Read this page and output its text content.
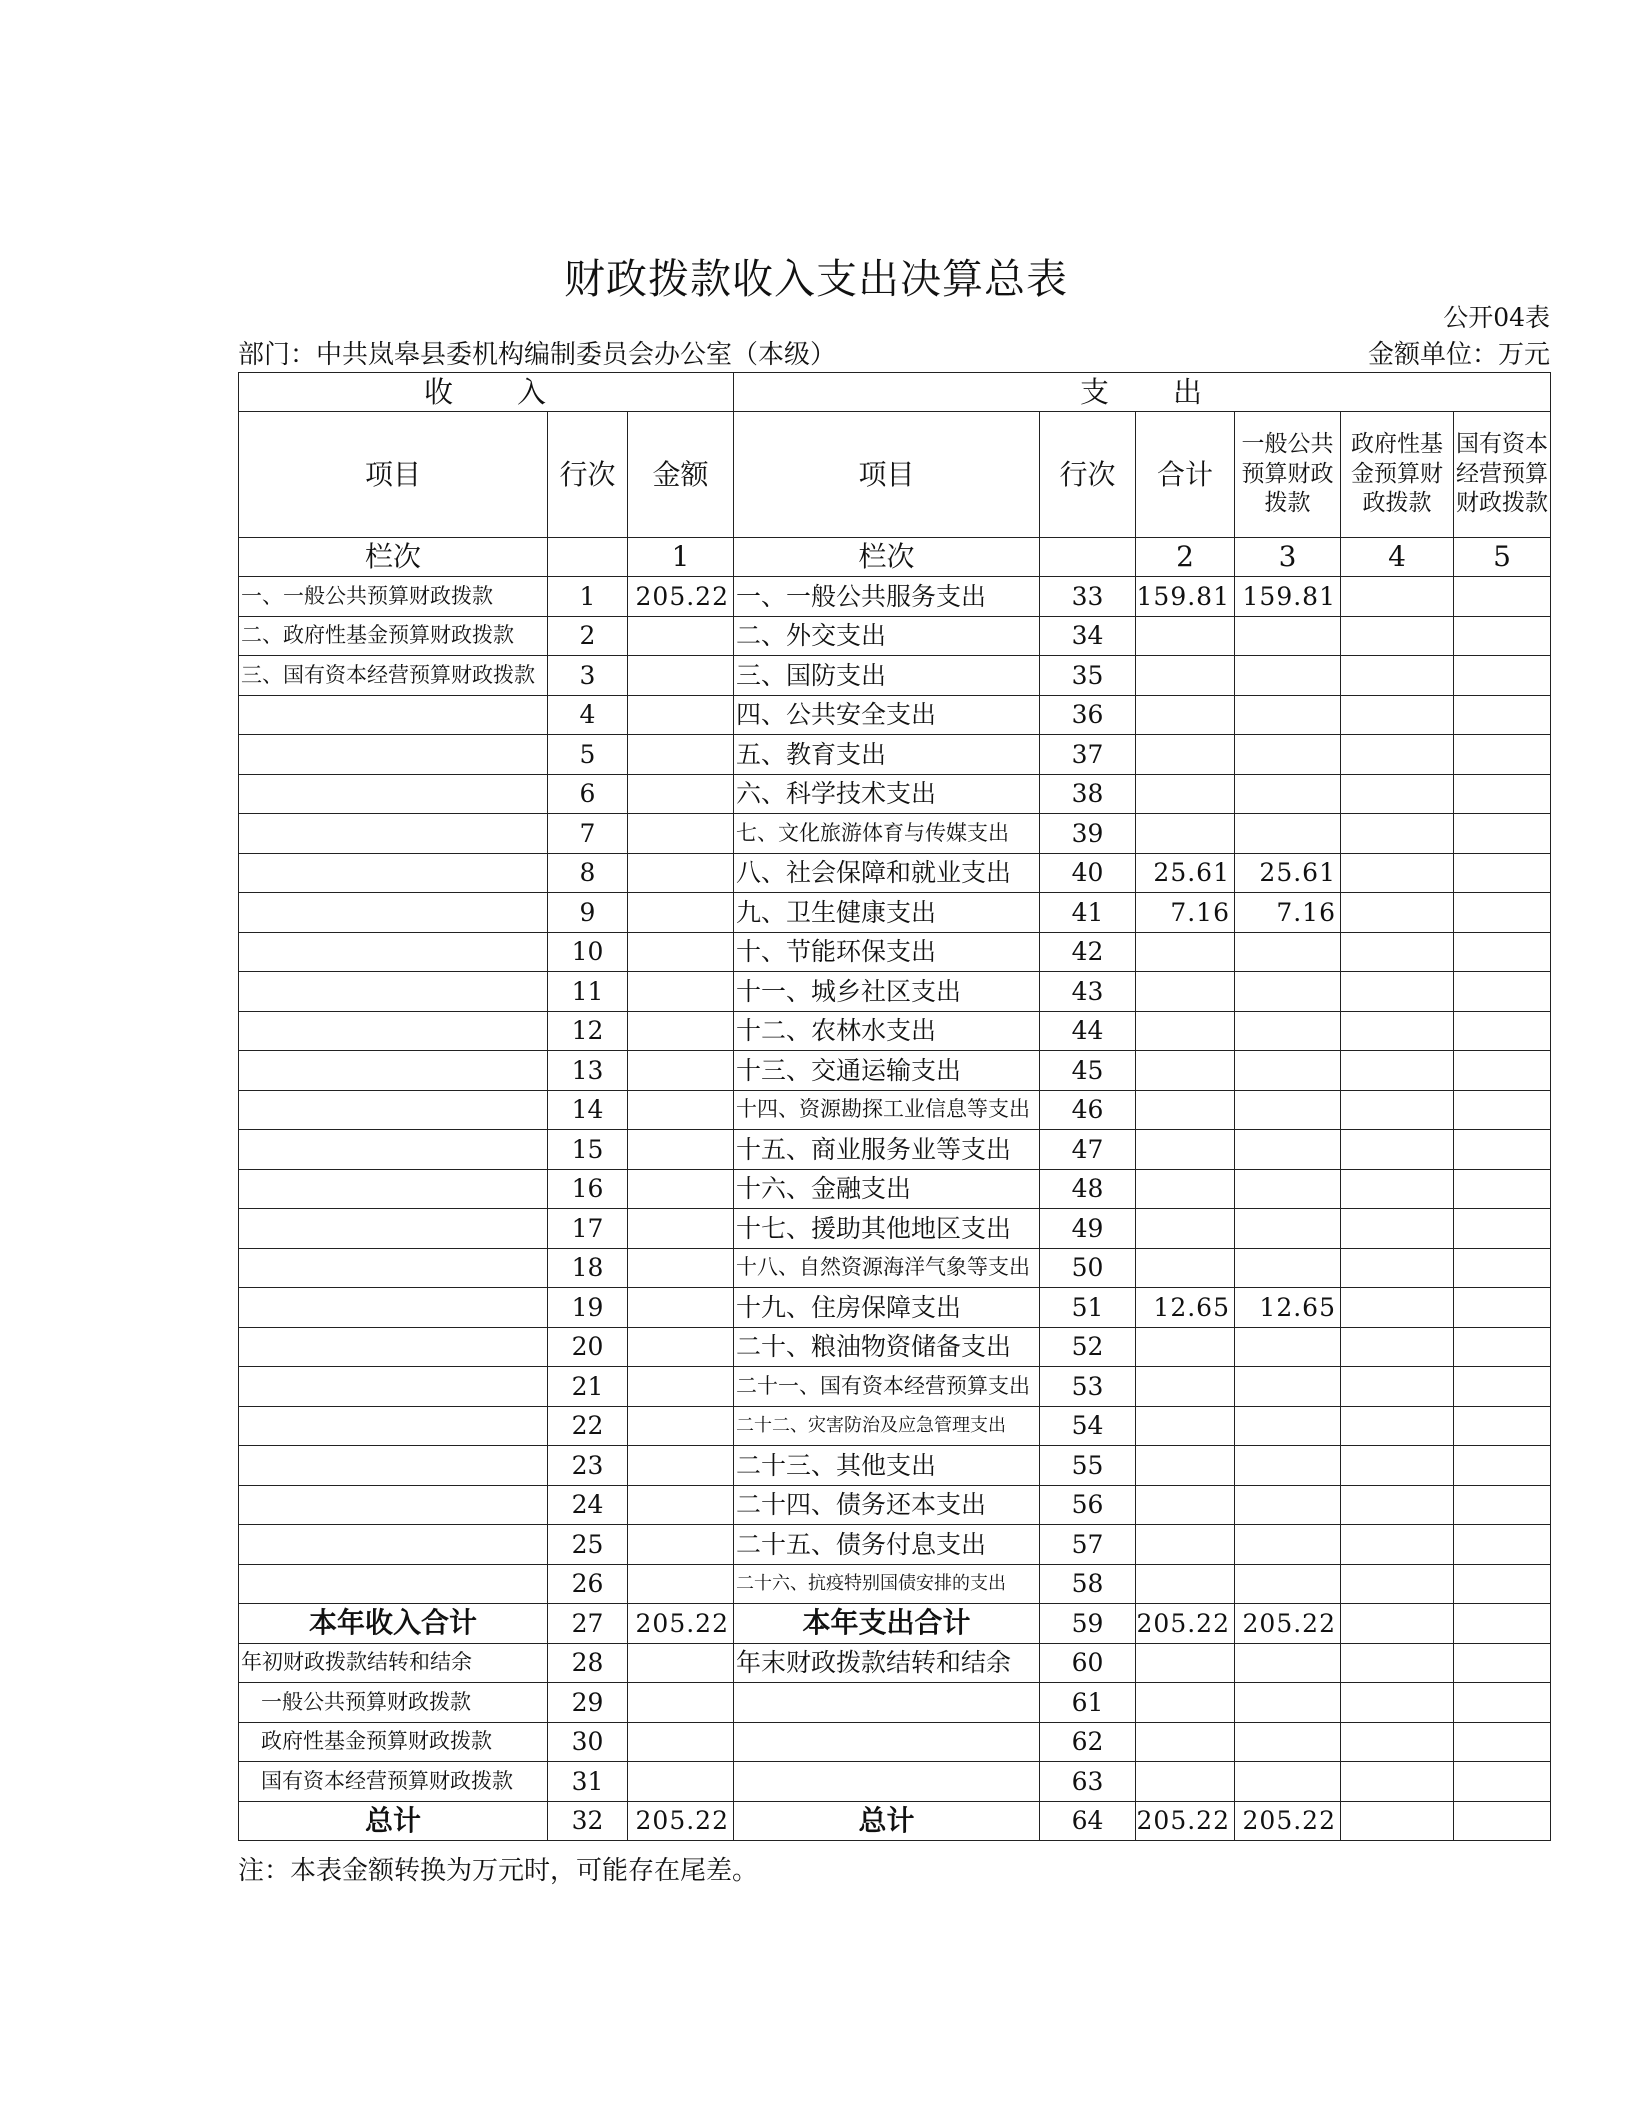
财政拨款收入支出决算总表
公开04表
部门：中共岚皋县委机构编制委员会办公室（本级）	金额单位：万元
收　　入			支　　出					
项目	行次	金额	项目	行次	合计	一般公共预算财政拨款	政府性基金预算财政拨款	国有资本经营预算财政拨款
栏次		1	栏次		2	3	4	5
一、一般公共预算财政拨款	1	205.22	一、一般公共服务支出	33	159.81	159.81		
二、政府性基金预算财政拨款	2		二、外交支出	34				
三、国有资本经营预算财政拨款	3		三、国防支出	35				
	4		四、公共安全支出	36				
	5		五、教育支出	37				
	6		六、科学技术支出	38				
	7		七、文化旅游体育与传媒支出	39				
	8		八、社会保障和就业支出	40	25.61	25.61		
	9		九、卫生健康支出	41	7.16	7.16		
	10		十、节能环保支出	42				
	11		十一、城乡社区支出	43				
	12		十二、农林水支出	44				
	13		十三、交通运输支出	45				
	14		十四、资源勘探工业信息等支出	46				
	15		十五、商业服务业等支出	47				
	16		十六、金融支出	48				
	17		十七、援助其他地区支出	49				
	18		十八、自然资源海洋气象等支出	50				
	19		十九、住房保障支出	51	12.65	12.65		
	20		二十、粮油物资储备支出	52				
	21		二十一、国有资本经营预算支出	53				
	22		二十二、灾害防治及应急管理支出	54				
	23		二十三、其他支出	55				
	24		二十四、债务还本支出	56				
	25		二十五、债务付息支出	57				
	26		二十六、抗疫特别国债安排的支出	58				
本年收入合计	27	205.22	本年支出合计	59	205.22	205.22		
年初财政拨款结转和结余	28		年末财政拨款结转和结余	60				
一般公共预算财政拨款	29			61				
政府性基金预算财政拨款	30			62				
国有资本经营预算财政拨款	31			63				
总计	32	205.22	总计	64	205.22	205.22		
注：本表金额转换为万元时，可能存在尾差。
